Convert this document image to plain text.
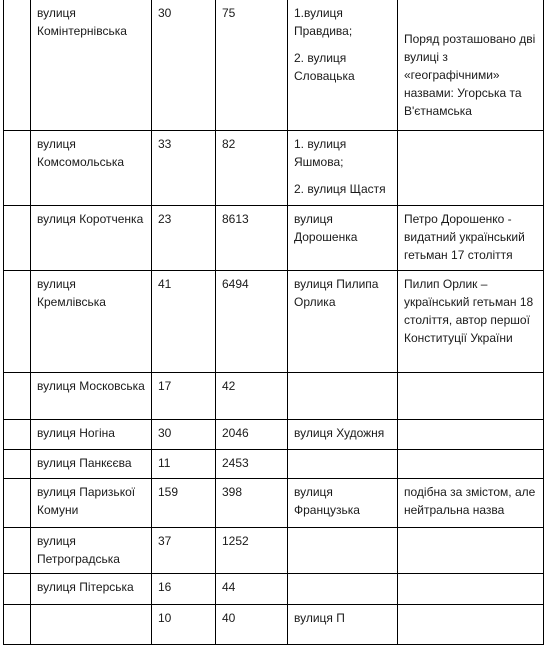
	вулиця Комінтернівська	30	75	1.вулиця Правдива;
2. вулиця Словацька	Поряд розташовано дві вулиці з «географічними» назвами: Угорська та В'єтнамська

	вулиця Комсомольська	33	82	1. вулиця Яшмова;
2. вулиця Щастя	

	вулиця Коротченка	23	8613	вулиця Дорошенка	Петро Дорошенко - видатний український гетьман 17 століття

	вулиця Кремлівська	41	6494	вулиця Пилипа Орлика	Пилип Орлик – український гетьман 18 століття, автор першої Конституції України

	вулиця Московська	17	42		

	вулиця Ногіна	30	2046	вулиця Художня	

	вулиця Панкєєва	11	2453		

	вулиця Паризької Комуни	159	398	вулиця Французька	подібна за змістом, але нейтральна назва

	вулиця Петроградська	37	1252		

	вулиця Пітерська	16	44		

		10	40	вулиця П	
